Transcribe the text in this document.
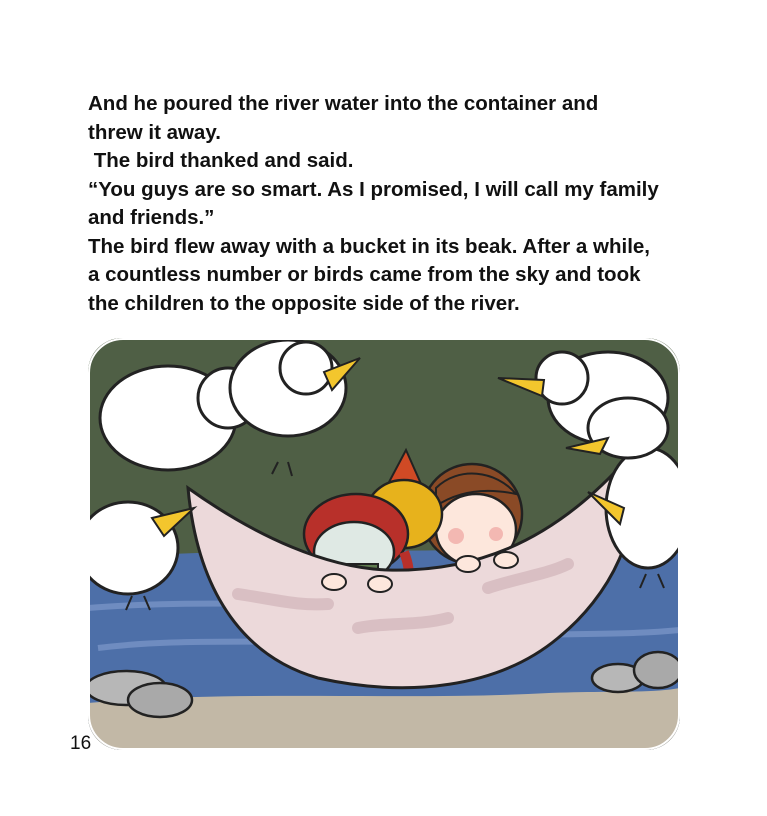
And he poured the river water into the container and

threw it away.

The bird thanked and said.

“You guys are so smart. As I promised, I will call my family

and friends.”

The bird flew away with a bucket in its beak. After a while,

a countless number or birds came from the sky and took

the children to the opposite side of the river.

16
